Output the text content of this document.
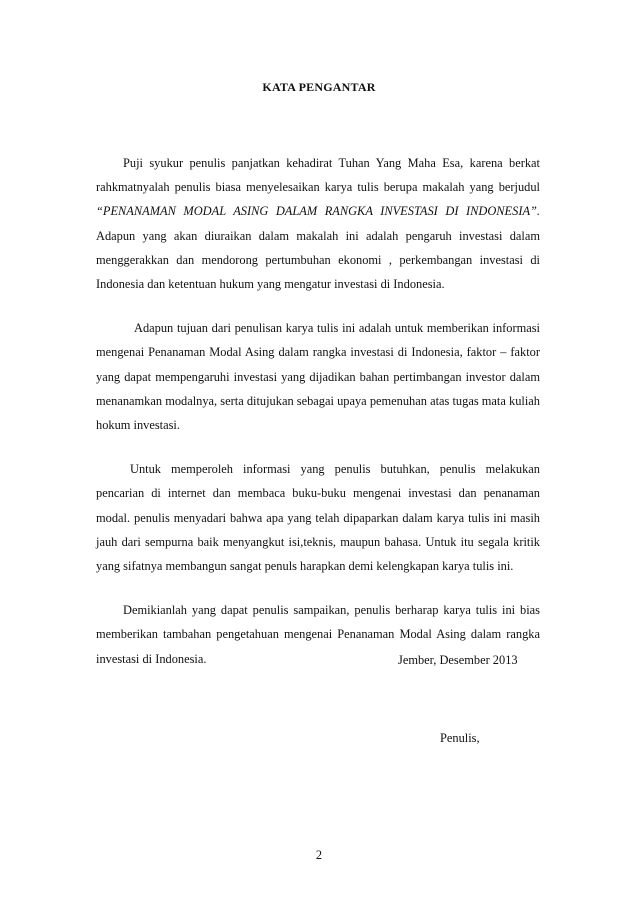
KATA PENGANTAR

Puji syukur penulis panjatkan kehadirat Tuhan Yang Maha Esa, karena berkat rahkmatnyalah penulis biasa menyelesaikan karya tulis berupa makalah yang berjudul “PENANAMAN MODAL ASING DALAM RANGKA INVESTASI DI INDONESIA”. Adapun yang akan diuraikan dalam makalah ini adalah pengaruh investasi dalam menggerakkan dan mendorong pertumbuhan ekonomi , perkembangan investasi di Indonesia dan ketentuan hukum yang mengatur investasi di Indonesia.

Adapun tujuan dari penulisan karya tulis ini adalah untuk memberikan informasi mengenai Penanaman Modal Asing dalam rangka investasi di Indonesia, faktor – faktor yang dapat mempengaruhi investasi yang dijadikan bahan pertimbangan investor dalam menanamkan modalnya, serta ditujukan sebagai upaya pemenuhan atas tugas mata kuliah hokum investasi.

Untuk memperoleh informasi yang penulis butuhkan, penulis melakukan pencarian di internet dan membaca buku-buku mengenai investasi dan penanaman modal. penulis menyadari bahwa apa yang telah dipaparkan dalam karya tulis ini masih jauh dari sempurna baik menyangkut isi,teknis, maupun bahasa. Untuk itu segala kritik yang sifatnya membangun sangat penuls harapkan demi kelengkapan karya tulis ini.

Demikianlah yang dapat penulis sampaikan, penulis berharap karya tulis ini bias memberikan tambahan pengetahuan mengenai Penanaman Modal Asing dalam rangka investasi di Indonesia.	Jember, Desember 2013
Penulis,
2
